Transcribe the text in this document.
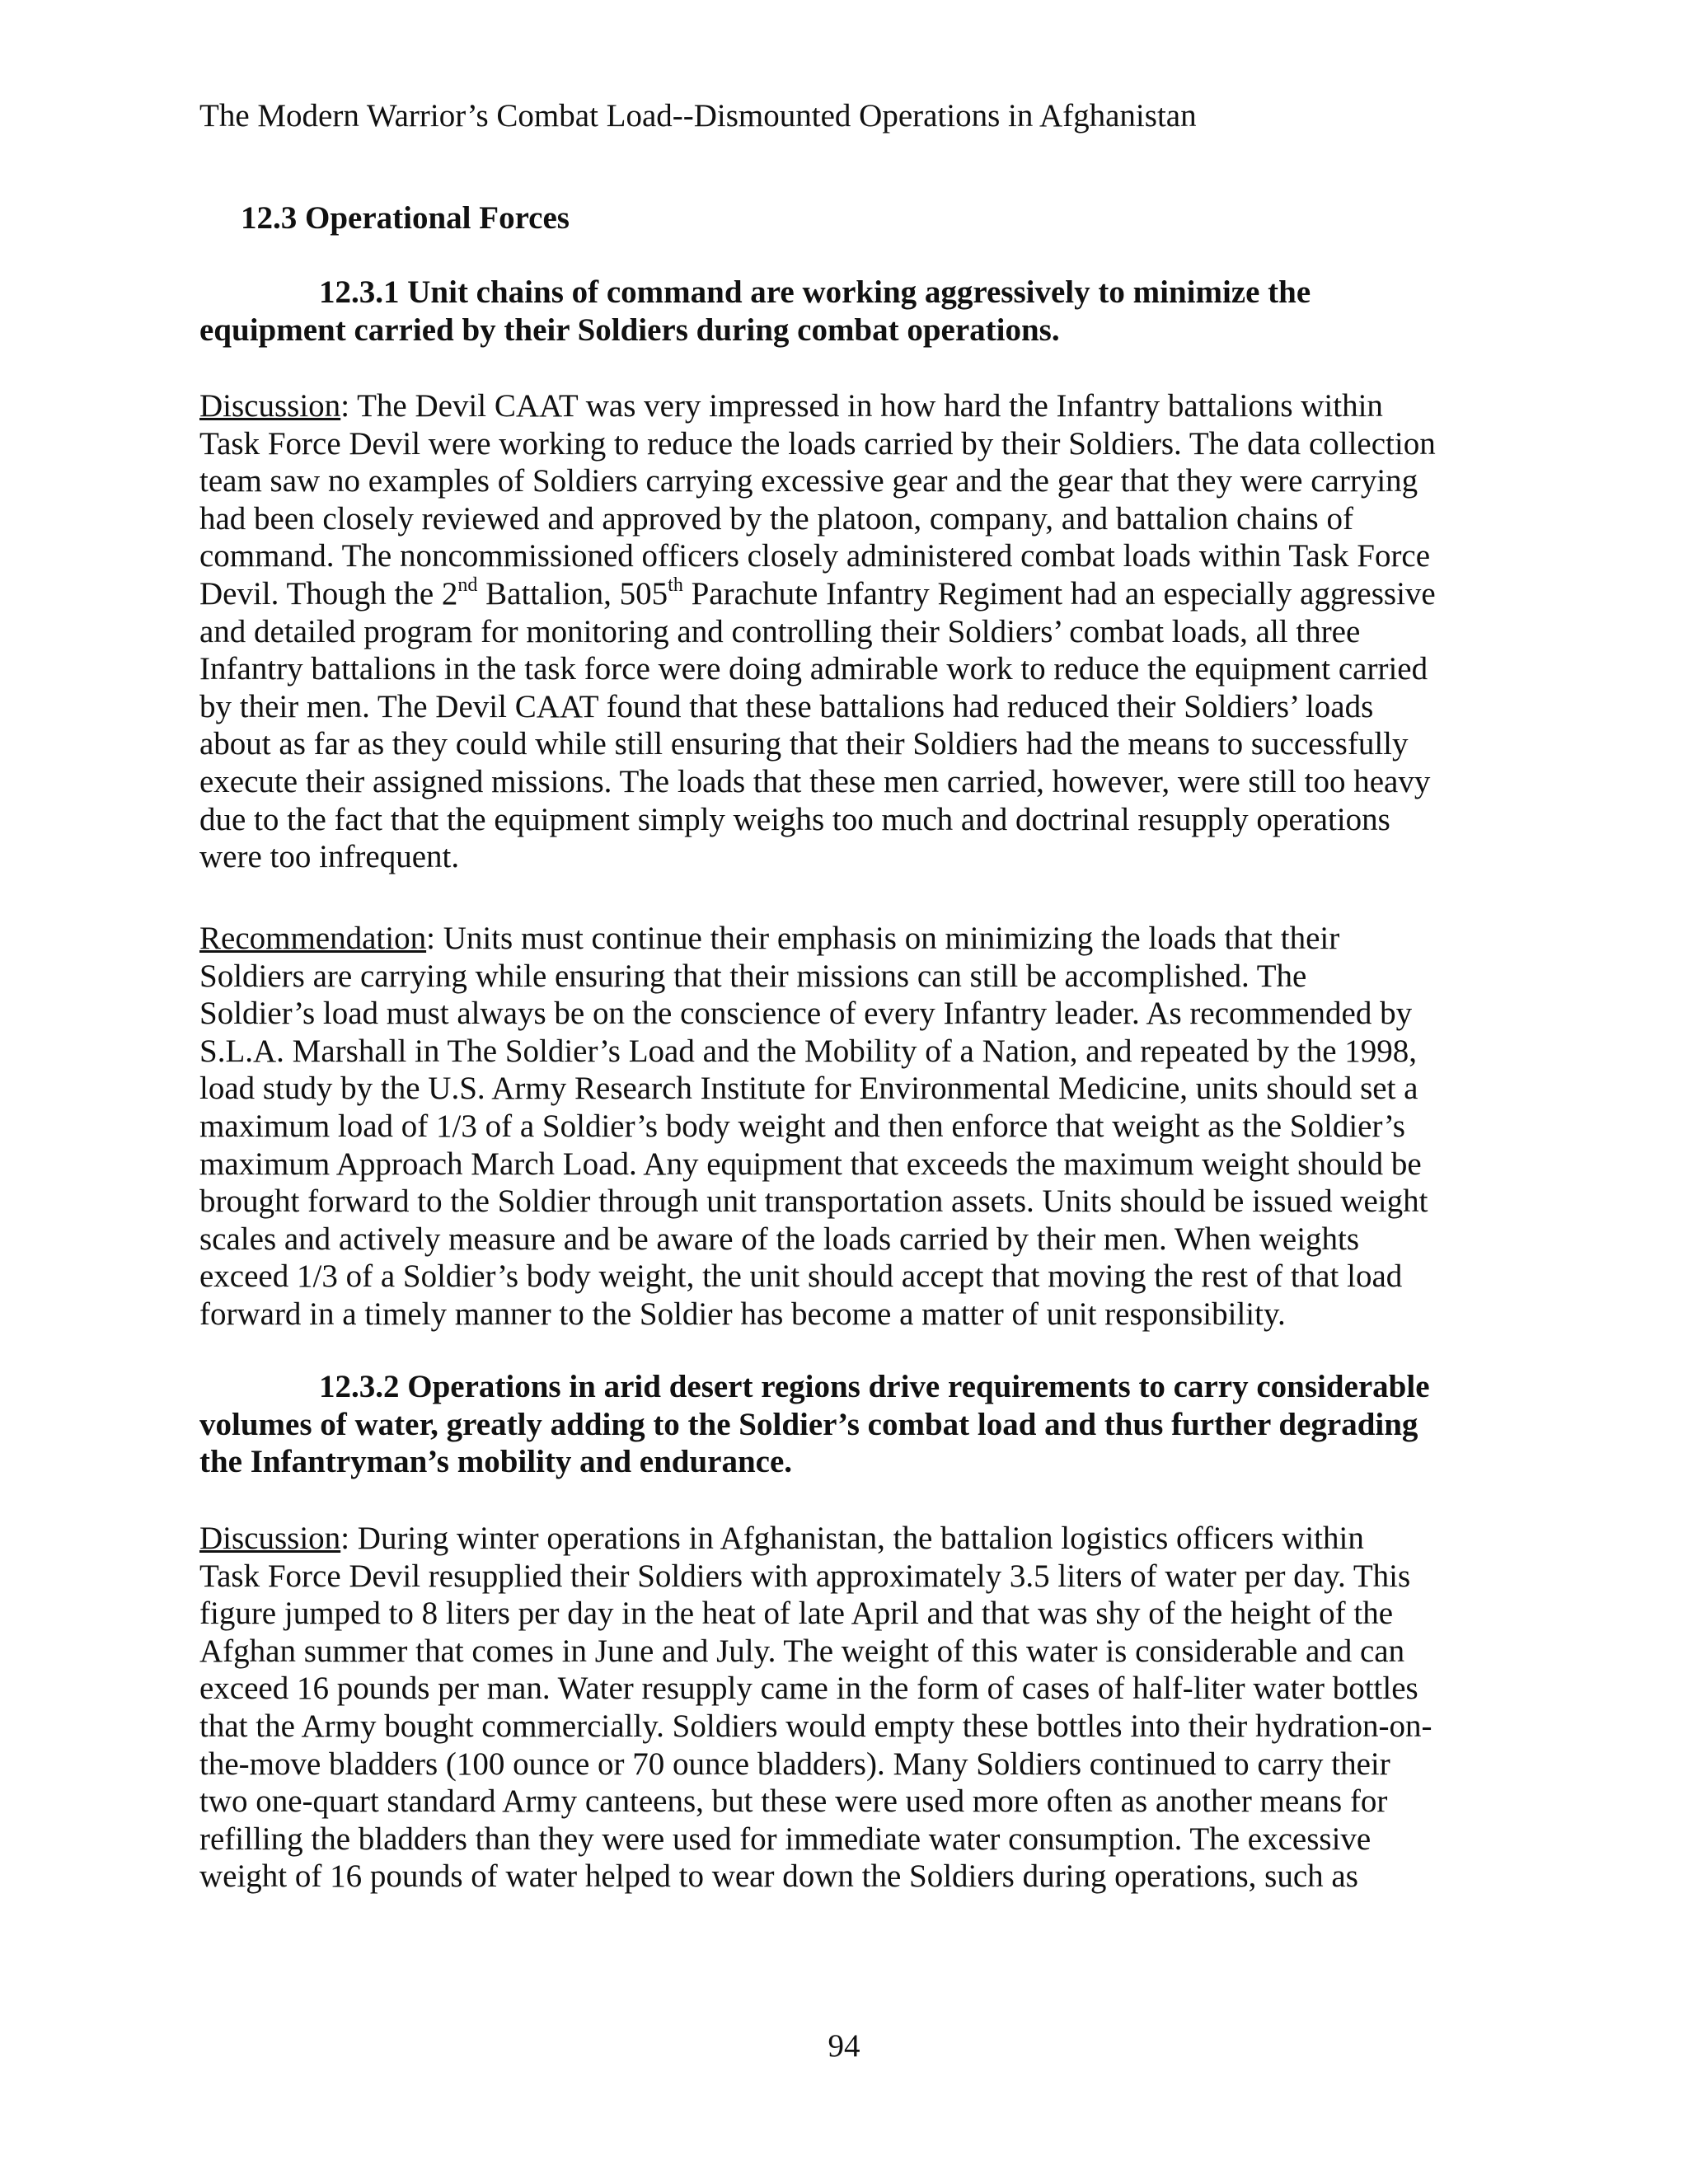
The Modern Warrior’s Combat Load--Dismounted Operations in Afghanistan
12.3 Operational Forces
12.3.1 Unit chains of command are working aggressively to minimize the
equipment carried by their Soldiers during combat operations.
Discussion: The Devil CAAT was very impressed in how hard the Infantry battalions within
Task Force Devil were working to reduce the loads carried by their Soldiers. The data collection
team saw no examples of Soldiers carrying excessive gear and the gear that they were carrying
had been closely reviewed and approved by the platoon, company, and battalion chains of
command. The noncommissioned officers closely administered combat loads within Task Force
Devil. Though the 2nd Battalion, 505th Parachute Infantry Regiment had an especially aggressive
and detailed program for monitoring and controlling their Soldiers’ combat loads, all three
Infantry battalions in the task force were doing admirable work to reduce the equipment carried
by their men. The Devil CAAT found that these battalions had reduced their Soldiers’ loads
about as far as they could while still ensuring that their Soldiers had the means to successfully
execute their assigned missions. The loads that these men carried, however, were still too heavy
due to the fact that the equipment simply weighs too much and doctrinal resupply operations
were too infrequent.
Recommendation: Units must continue their emphasis on minimizing the loads that their
Soldiers are carrying while ensuring that their missions can still be accomplished. The
Soldier’s load must always be on the conscience of every Infantry leader. As recommended by
S.L.A. Marshall in The Soldier’s Load and the Mobility of a Nation, and repeated by the 1998,
load study by the U.S. Army Research Institute for Environmental Medicine, units should set a
maximum load of 1/3 of a Soldier’s body weight and then enforce that weight as the Soldier’s
maximum Approach March Load. Any equipment that exceeds the maximum weight should be
brought forward to the Soldier through unit transportation assets. Units should be issued weight
scales and actively measure and be aware of the loads carried by their men. When weights
exceed 1/3 of a Soldier’s body weight, the unit should accept that moving the rest of that load
forward in a timely manner to the Soldier has become a matter of unit responsibility.
12.3.2 Operations in arid desert regions drive requirements to carry considerable
volumes of water, greatly adding to the Soldier’s combat load and thus further degrading
the Infantryman’s mobility and endurance.
Discussion: During winter operations in Afghanistan, the battalion logistics officers within
Task Force Devil resupplied their Soldiers with approximately 3.5 liters of water per day. This
figure jumped to 8 liters per day in the heat of late April and that was shy of the height of the
Afghan summer that comes in June and July. The weight of this water is considerable and can
exceed 16 pounds per man. Water resupply came in the form of cases of half-liter water bottles
that the Army bought commercially. Soldiers would empty these bottles into their hydration-on-
the-move bladders (100 ounce or 70 ounce bladders). Many Soldiers continued to carry their
two one-quart standard Army canteens, but these were used more often as another means for
refilling the bladders than they were used for immediate water consumption. The excessive
weight of 16 pounds of water helped to wear down the Soldiers during operations, such as
94
